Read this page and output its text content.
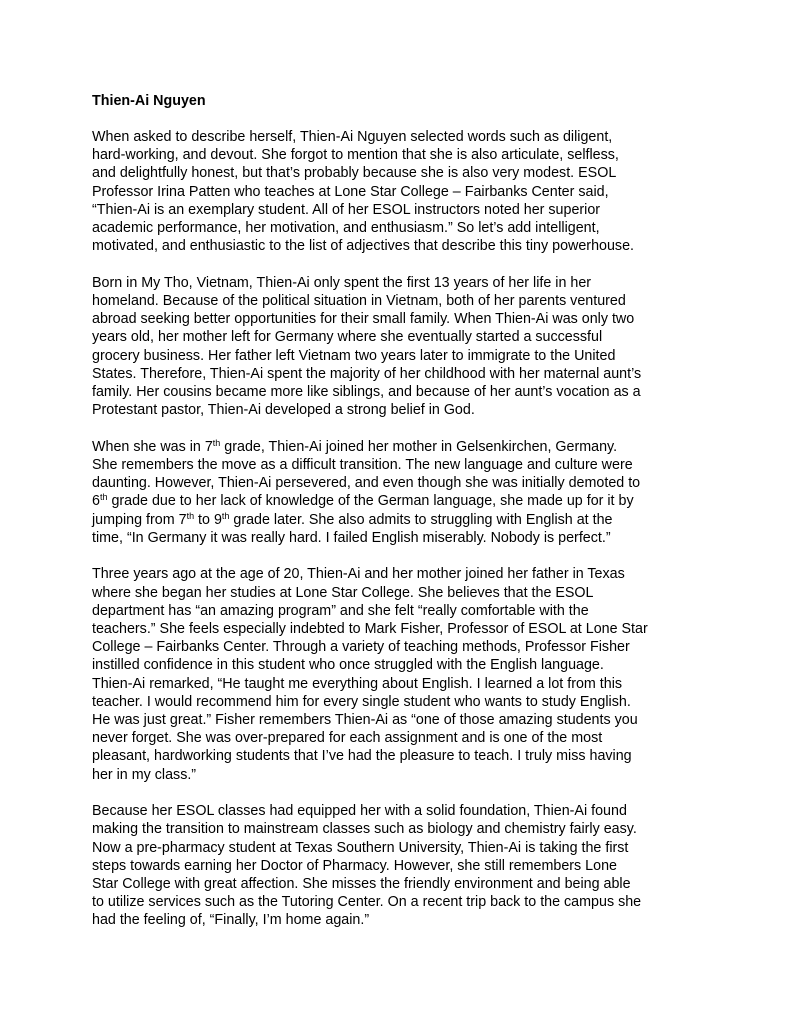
Thien-Ai Nguyen
When asked to describe herself, Thien-Ai Nguyen selected words such as diligent,
hard-working, and devout. She forgot to mention that she is also articulate, selfless,
and delightfully honest, but that’s probably because she is also very modest. ESOL
Professor Irina Patten who teaches at Lone Star College – Fairbanks Center said,
“Thien-Ai is an exemplary student. All of her ESOL instructors noted her superior
academic performance, her motivation, and enthusiasm.” So let’s add intelligent,
motivated, and enthusiastic to the list of adjectives that describe this tiny powerhouse.
Born in My Tho, Vietnam, Thien-Ai only spent the first 13 years of her life in her
homeland. Because of the political situation in Vietnam, both of her parents ventured
abroad seeking better opportunities for their small family. When Thien-Ai was only two
years old, her mother left for Germany where she eventually started a successful
grocery business. Her father left Vietnam two years later to immigrate to the United
States. Therefore, Thien-Ai spent the majority of her childhood with her maternal aunt’s
family. Her cousins became more like siblings, and because of her aunt’s vocation as a
Protestant pastor, Thien-Ai developed a strong belief in God.
When she was in 7th grade, Thien-Ai joined her mother in Gelsenkirchen, Germany.
She remembers the move as a difficult transition. The new language and culture were
daunting. However, Thien-Ai persevered, and even though she was initially demoted to
6th grade due to her lack of knowledge of the German language, she made up for it by
jumping from 7th to 9th grade later. She also admits to struggling with English at the
time, “In Germany it was really hard. I failed English miserably. Nobody is perfect.”
Three years ago at the age of 20, Thien-Ai and her mother joined her father in Texas
where she began her studies at Lone Star College. She believes that the ESOL
department has “an amazing program” and she felt “really comfortable with the
teachers.” She feels especially indebted to Mark Fisher, Professor of ESOL at Lone Star
College – Fairbanks Center. Through a variety of teaching methods, Professor Fisher
instilled confidence in this student who once struggled with the English language.
Thien-Ai remarked, “He taught me everything about English. I learned a lot from this
teacher. I would recommend him for every single student who wants to study English.
He was just great.” Fisher remembers Thien-Ai as “one of those amazing students you
never forget. She was over-prepared for each assignment and is one of the most
pleasant, hardworking students that I’ve had the pleasure to teach. I truly miss having
her in my class.”
Because her ESOL classes had equipped her with a solid foundation, Thien-Ai found
making the transition to mainstream classes such as biology and chemistry fairly easy.
Now a pre-pharmacy student at Texas Southern University, Thien-Ai is taking the first
steps towards earning her Doctor of Pharmacy. However, she still remembers Lone
Star College with great affection. She misses the friendly environment and being able
to utilize services such as the Tutoring Center. On a recent trip back to the campus she
had the feeling of, “Finally, I’m home again.”
